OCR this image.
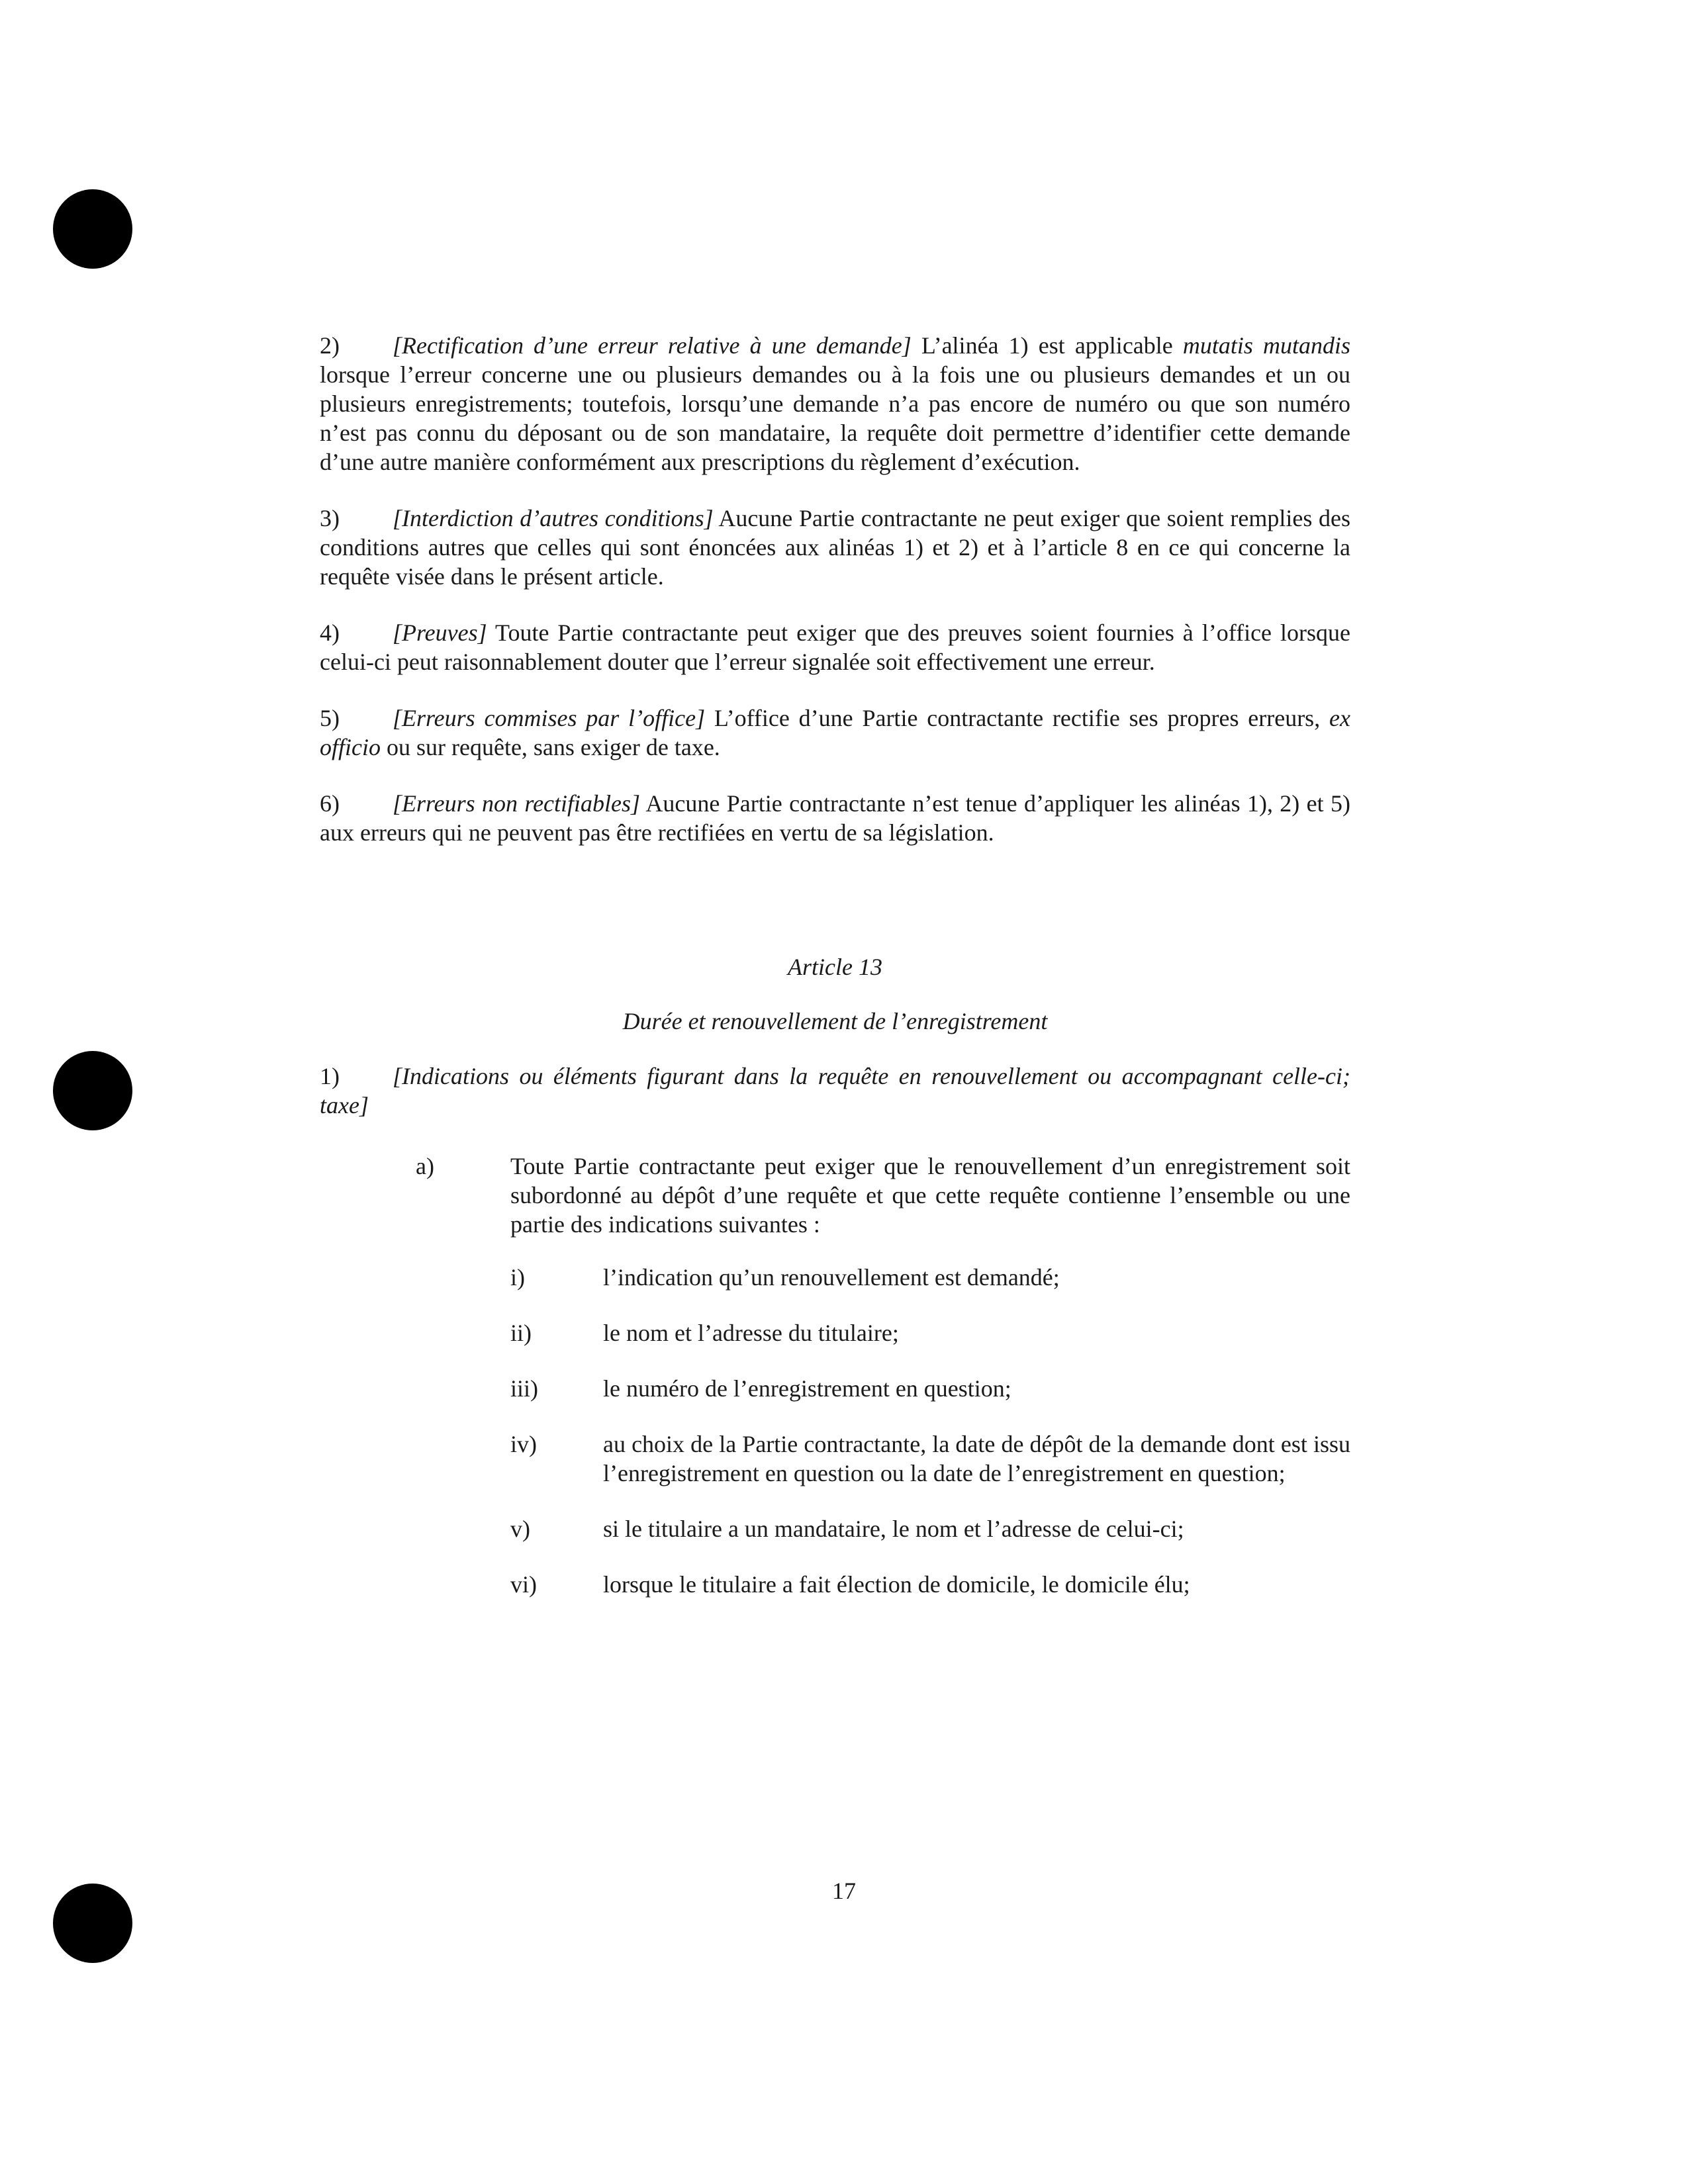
2) [Rectification d’une erreur relative à une demande] L’alinéa 1) est applicable mutatis mutandis lorsque l’erreur concerne une ou plusieurs demandes ou à la fois une ou plusieurs demandes et un ou plusieurs enregistrements; toutefois, lorsqu’une demande n’a pas encore de numéro ou que son numéro n’est pas connu du déposant ou de son mandataire, la requête doit permettre d’identifier cette demande d’une autre manière conformément aux prescriptions du règlement d’exécution.

3) [Interdiction d’autres conditions] Aucune Partie contractante ne peut exiger que soient remplies des conditions autres que celles qui sont énoncées aux alinéas 1) et 2) et à l’article 8 en ce qui concerne la requête visée dans le présent article.

4) [Preuves] Toute Partie contractante peut exiger que des preuves soient fournies à l’office lorsque celui-ci peut raisonnablement douter que l’erreur signalée soit effectivement une erreur.

5) [Erreurs commises par l’office] L’office d’une Partie contractante rectifie ses propres erreurs, ex officio ou sur requête, sans exiger de taxe.

6) [Erreurs non rectifiables] Aucune Partie contractante n’est tenue d’appliquer les alinéas 1), 2) et 5) aux erreurs qui ne peuvent pas être rectifiées en vertu de sa législation.

Article 13
Durée et renouvellement de l’enregistrement

1) [Indications ou éléments figurant dans la requête en renouvellement ou accompagnant celle-ci; taxe]

a)	Toute Partie contractante peut exiger que le renouvellement d’un enregistrement soit subordonné au dépôt d’une requête et que cette requête contienne l’ensemble ou une partie des indications suivantes :
i)	l’indication qu’un renouvellement est demandé;
ii)	le nom et l’adresse du titulaire;
iii)	le numéro de l’enregistrement en question;
iv)	au choix de la Partie contractante, la date de dépôt de la demande dont est issu l’enregistrement en question ou la date de l’enregistrement en question;
v)	si le titulaire a un mandataire, le nom et l’adresse de celui-ci;
vi)	lorsque le titulaire a fait élection de domicile, le domicile élu;
17
